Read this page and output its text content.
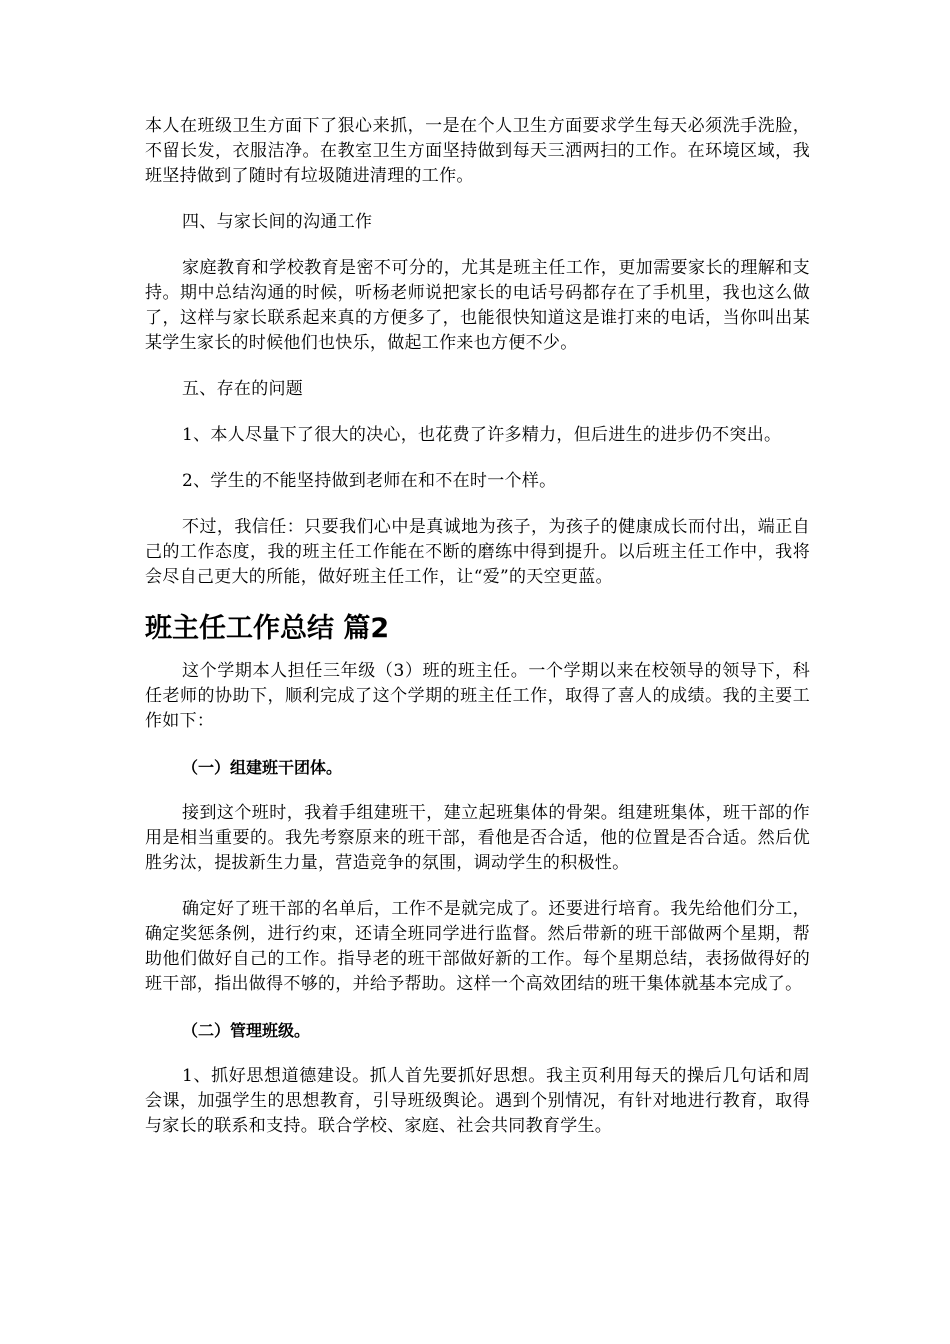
本人在班级卫生方面下了狠心来抓，一是在个人卫生方面要求学生每天必须洗手洗脸，不留长发，衣服洁净。在教室卫生方面坚持做到每天三洒两扫的工作。在环境区域，我班坚持做到了随时有垃圾随进清理的工作。

四、与家长间的沟通工作

家庭教育和学校教育是密不可分的，尤其是班主任工作，更加需要家长的理解和支持。期中总结沟通的时候，听杨老师说把家长的电话号码都存在了手机里，我也这么做了，这样与家长联系起来真的方便多了，也能很快知道这是谁打来的电话，当你叫出某某学生家长的时候他们也快乐，做起工作来也方便不少。

五、存在的问题

1、本人尽量下了很大的决心，也花费了许多精力，但后进生的进步仍不突出。

2、学生的不能坚持做到老师在和不在时一个样。

不过，我信任：只要我们心中是真诚地为孩子，为孩子的健康成长而付出，端正自己的工作态度，我的班主任工作能在不断的磨练中得到提升。以后班主任工作中，我将会尽自己更大的所能，做好班主任工作，让“爱”的天空更蓝。

班主任工作总结 篇2

这个学期本人担任三年级（3）班的班主任。一个学期以来在校领导的领导下，科任老师的协助下，顺利完成了这个学期的班主任工作，取得了喜人的成绩。我的主要工作如下：

（一）组建班干团体。

接到这个班时，我着手组建班干，建立起班集体的骨架。组建班集体，班干部的作用是相当重要的。我先考察原来的班干部，看他是否合适，他的位置是否合适。然后优胜劣汰，提拔新生力量，营造竞争的氛围，调动学生的积极性。

确定好了班干部的名单后，工作不是就完成了。还要进行培育。我先给他们分工，确定奖惩条例，进行约束，还请全班同学进行监督。然后带新的班干部做两个星期，帮助他们做好自己的工作。指导老的班干部做好新的工作。每个星期总结，表扬做得好的班干部，指出做得不够的，并给予帮助。这样一个高效团结的班干集体就基本完成了。

（二）管理班级。

1、抓好思想道德建设。抓人首先要抓好思想。我主页利用每天的操后几句话和周会课，加强学生的思想教育，引导班级舆论。遇到个别情况，有针对地进行教育，取得与家长的联系和支持。联合学校、家庭、社会共同教育学生。
